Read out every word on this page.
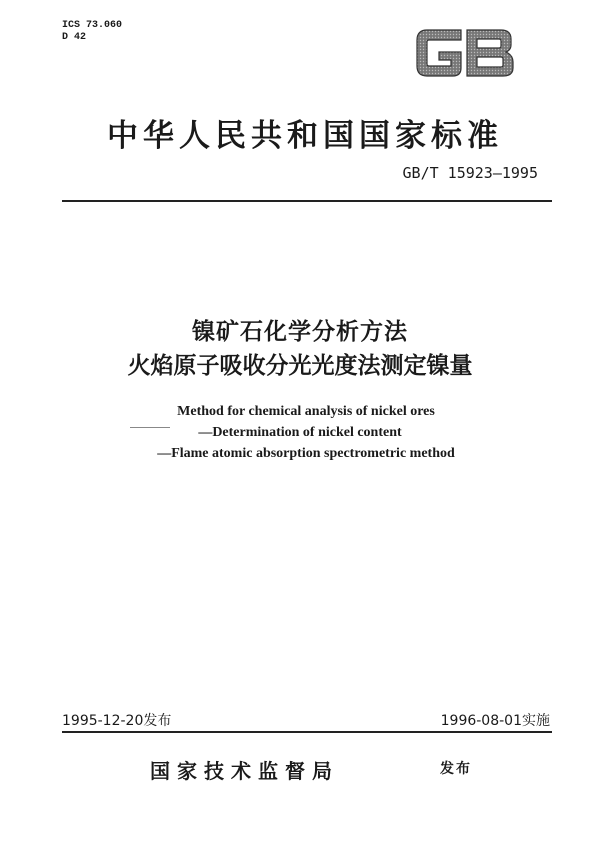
ICS 73.060
D 42
GB
中华人民共和国国家标准
GB/T 15923—1995
镍矿石化学分析方法
火焰原子吸收分光光度法测定镍量
Method for chemical analysis of nickel ores
—Determination of nickel content
—Flame atomic absorption spectrometric method
1995-12-20发布	1996-08-01实施
国家技术监督局	发布
